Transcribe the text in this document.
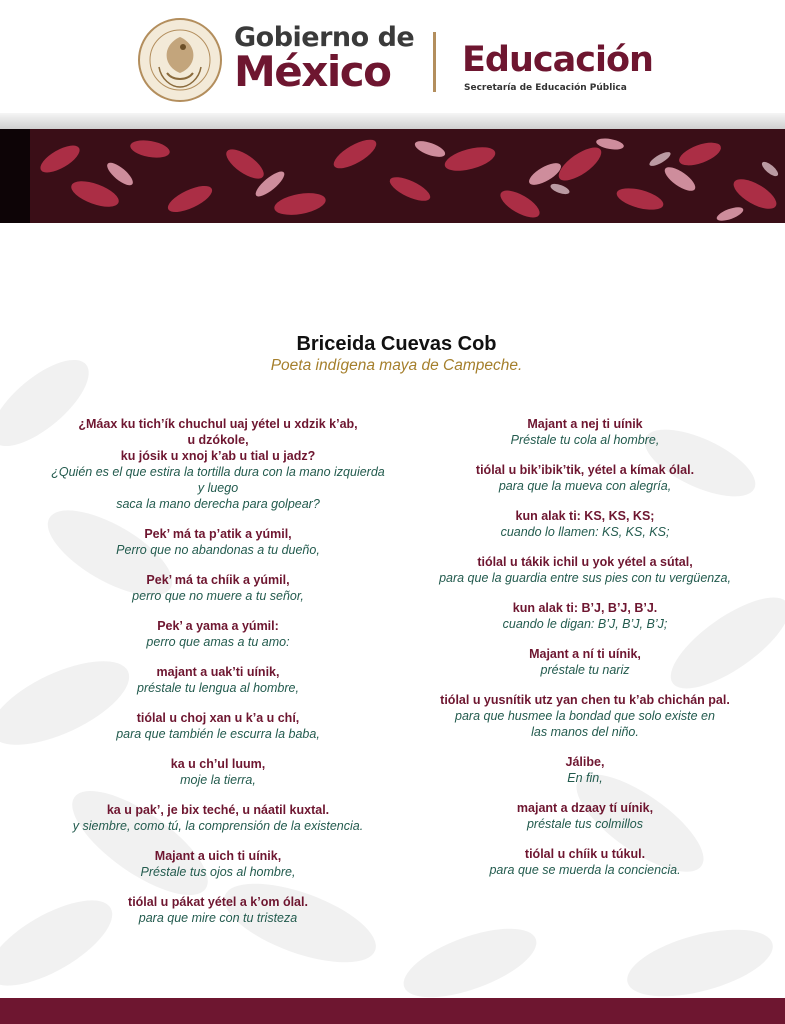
Gobierno de
México Educación
Secretaría de Educación Pública
Briceida Cuevas Cob
Poeta indígena maya de Campeche.
¿Máax ku tich’ík chuchul uaj yétel u xdzik k’ab,
u dzókole,
ku jósik u xnoj k’ab u tial u jadz?
¿Quién es el que estira la tortilla dura con la mano izquierda
y luego
saca la mano derecha para golpear?
Pek’ má ta p’atik a yúmil,
Perro que no abandonas a tu dueño,
Pek’ má ta chíik a yúmil,
perro que no muere a tu señor,
Pek’ a yama a yúmil:
perro que amas a tu amo:
majant a uak’ti uínik,
préstale tu lengua al hombre,
tiólal u choj xan u k’a u chí,
para que también le escurra la baba,
ka u ch’ul luum,
moje la tierra,
ka u pak’, je bix teché, u náatil kuxtal.
y siembre, como tú, la comprensión de la existencia.
Majant a uich ti uínik,
Préstale tus ojos al hombre,
tiólal u pákat yétel a k’om ólal.
para que mire con tu tristeza
Majant a nej ti uínik
Préstale tu cola al hombre,
tiólal u bik’ibik’tik, yétel a kímak ólal.
para que la mueva con alegría,
kun alak ti: KS, KS, KS;
cuando lo llamen: KS, KS, KS;
tiólal u tákik ichil u yok yétel a sútal,
para que la guardia entre sus pies con tu vergüenza,
kun alak ti: B’J, B’J, B’J.
cuando le digan: B’J, B’J, B’J;
Majant a ní ti uínik,
préstale tu nariz
tiólal u yusnítik utz yan chen tu k’ab chichán pal.
para que husmee la bondad que solo existe en
las manos del niño.
Jálibe,
En fin,
majant a dzaay tí uínik,
préstale tus colmillos
tiólal u chíik u túkul.
para que se muerda la conciencia.
